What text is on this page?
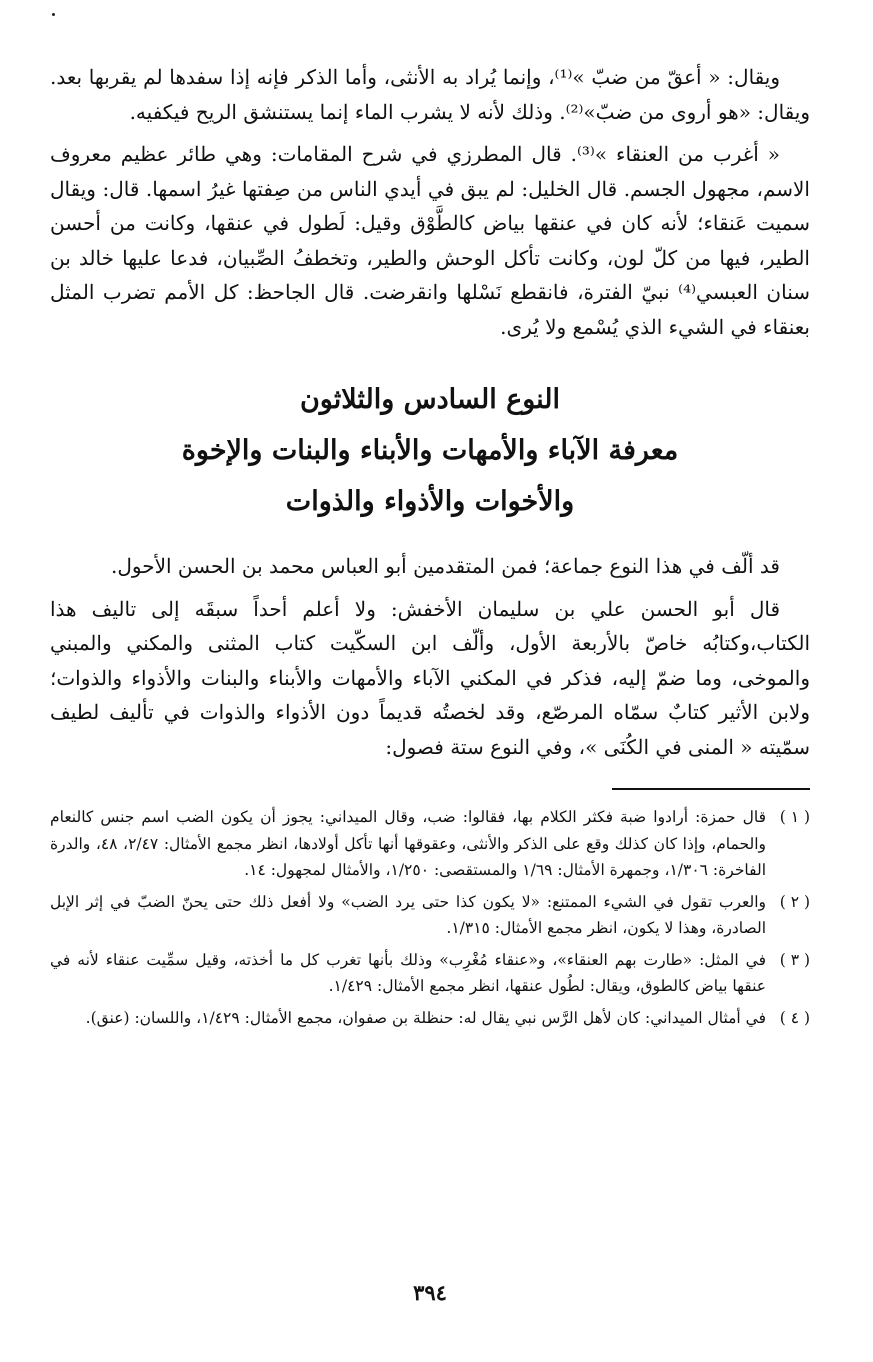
ويقال: « أعقّ من ضبّ »⁽¹⁾، وإنما يُراد به الأنثى، وأما الذكر فإنه إذا سفدها لم يقربها بعد. ويقال: «هو أروى من ضبّ»⁽²⁾. وذلك لأنه لا يشرب الماء إنما يستنشق الريح فيكفيه.

« أغرب من العنقاء »⁽³⁾. قال المطرزي في شرح المقامات: وهي طائر عظيم معروف الاسم، مجهول الجسم. قال الخليل: لم يبق في أيدي الناس من صِفتها غيرُ اسمها. قال: ويقال سميت عَنقاء؛ لأنه كان في عنقها بياض كالطَّوْق وقيل: لَطول في عنقها، وكانت من أحسن الطير، فيها من كلّ لون، وكانت تأكل الوحش والطير، وتخطفُ الصِّبيان، فدعا عليها خالد بن سنان العبسي⁽⁴⁾ نبيّ الفترة، فانقطع نَسْلها وانقرضت. قال الجاحظ: كل الأمم تضرب المثل بعنقاء في الشيء الذي يُسْمع ولا يُرى.

النوع السادس والثلاثون
معرفة الآباء والأمهات والأبناء والبنات والإخوة
والأخوات والأذواء والذوات

قد ألّف في هذا النوع جماعة؛ فمن المتقدمين أبو العباس محمد بن الحسن الأحول.

قال أبو الحسن علي بن سليمان الأخفش: ولا أعلم أحداً سبقَه إلى تاليف هذا الكتاب،وكتابُه خاصّ بالأربعة الأول، وألّف ابن السكّيت كتاب المثنى والمكني والمبني والموخى، وما ضمّ إليه، فذكر في المكني الآباء والأمهات والأبناء والبنات والأذواء والذوات؛ ولابن الأثير كتابٌ سمّاه المرصّع، وقد لخصتُه قديماً دون الأذواء والذوات في تأليف لطيف سمّيته « المنى في الكُنَى »، وفي النوع ستة فصول:

( ١ )
قال حمزة: أرادوا ضبة فكثر الكلام بها، فقالوا: ضب، وقال الميداني: يجوز أن يكون الضب اسم جنس كالنعام والحمام، وإذا كان كذلك وقع على الذكر والأنثى، وعقوقها أنها تأكل أولادها، انظر مجمع الأمثال: ٢/٤٧، ٤٨، والدرة الفاخرة: ١/٣٠٦، وجمهرة الأمثال: ١/٦٩ والمستقصى: ١/٢٥٠، والأمثال لمجهول: ١٤.
( ٢ )
والعرب تقول في الشيء الممتنع: «لا يكون كذا حتى يرد الضب» ولا أفعل ذلك حتى يحنّ الضبّ في إثر الإبل الصادرة، وهذا لا يكون، انظر مجمع الأمثال: ١/٣١٥.
( ٣ )
في المثل: «طارت بهم العنقاء»، و«عنقاء مُغْرِب» وذلك بأنها تغرب كل ما أخذته، وقيل سمِّيت عنقاء لأنه في عنقها بياض كالطوق، ويقال: لطُول عنقها، انظر مجمع الأمثال: ١/٤٢٩.
( ٤ )
في أمثال الميداني: كان لأهل الرَّس نبي يقال له: حنظلة بن صفوان، مجمع الأمثال: ١/٤٢٩، واللسان: (عنق).
٣٩٤
